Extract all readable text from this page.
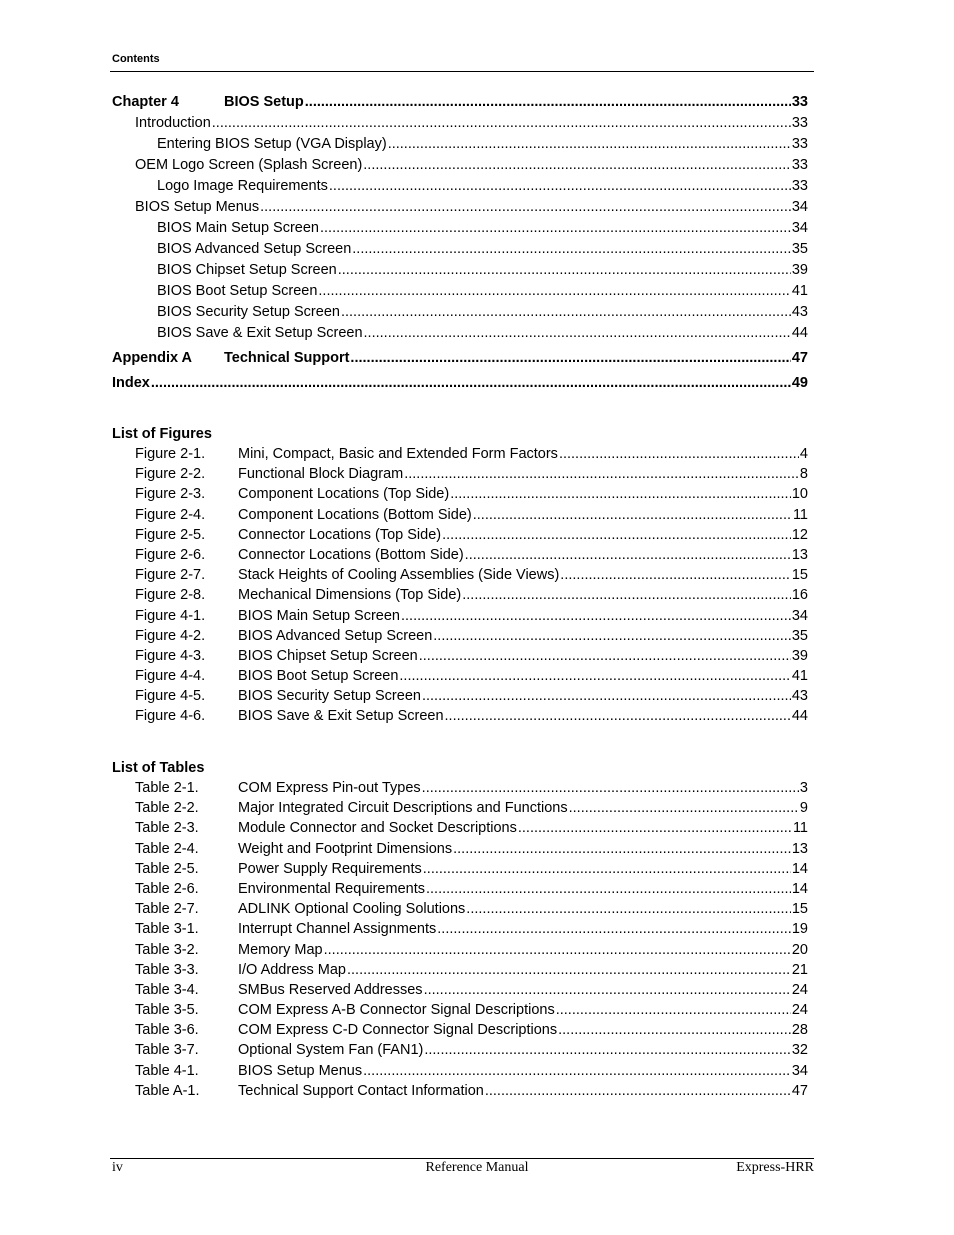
Contents
Chapter 4	BIOS Setup .....	33
Introduction .....	33
Entering BIOS Setup (VGA Display) .....	33
OEM Logo Screen (Splash Screen) .....	33
Logo Image Requirements .....	33
BIOS Setup Menus .....	34
BIOS Main Setup Screen .....	34
BIOS Advanced Setup Screen .....	35
BIOS Chipset Setup Screen .....	39
BIOS Boot Setup Screen .....	41
BIOS Security Setup Screen .....	43
BIOS Save & Exit Setup Screen .....	44
Appendix A Technical Support .....	47
Index .....	49
List of Figures
Figure 2-1. Mini, Compact, Basic and Extended Form Factors .....	4
Figure 2-2. Functional Block Diagram .....	8
Figure 2-3. Component Locations (Top Side) .....	10
Figure 2-4. Component Locations (Bottom Side) .....	11
Figure 2-5. Connector Locations (Top Side) .....	12
Figure 2-6. Connector Locations (Bottom Side) .....	13
Figure 2-7. Stack Heights of Cooling Assemblies (Side Views) .....	15
Figure 2-8. Mechanical Dimensions (Top Side) .....	16
Figure 4-1. BIOS Main Setup Screen .....	34
Figure 4-2. BIOS Advanced Setup Screen .....	35
Figure 4-3. BIOS Chipset Setup Screen .....	39
Figure 4-4. BIOS Boot Setup Screen .....	41
Figure 4-5. BIOS Security Setup Screen .....	43
Figure 4-6. BIOS Save & Exit Setup Screen .....	44
List of Tables
Table 2-1.	COM Express Pin-out Types .....	3
Table 2-2.	Major Integrated Circuit Descriptions and Functions .....	9
Table 2-3.	Module Connector and Socket Descriptions .....	11
Table 2-4.	Weight and Footprint Dimensions .....	13
Table 2-5.	Power Supply Requirements .....	14
Table 2-6.	Environmental Requirements .....	14
Table 2-7.	ADLINK Optional Cooling Solutions .....	15
Table 3-1.	Interrupt Channel Assignments .....	19
Table 3-2.	Memory Map .....	20
Table 3-3.	I/O Address Map .....	21
Table 3-4.	SMBus Reserved Addresses .....	24
Table 3-5.	COM Express A-B Connector Signal Descriptions .....	24
Table 3-6.	COM Express C-D Connector Signal Descriptions .....	28
Table 3-7.	Optional System Fan (FAN1) .....	32
Table 4-1.	BIOS Setup Menus .....	34
Table A-1.	Technical Support Contact Information .....	47
iv	Reference Manual	Express-HRR
